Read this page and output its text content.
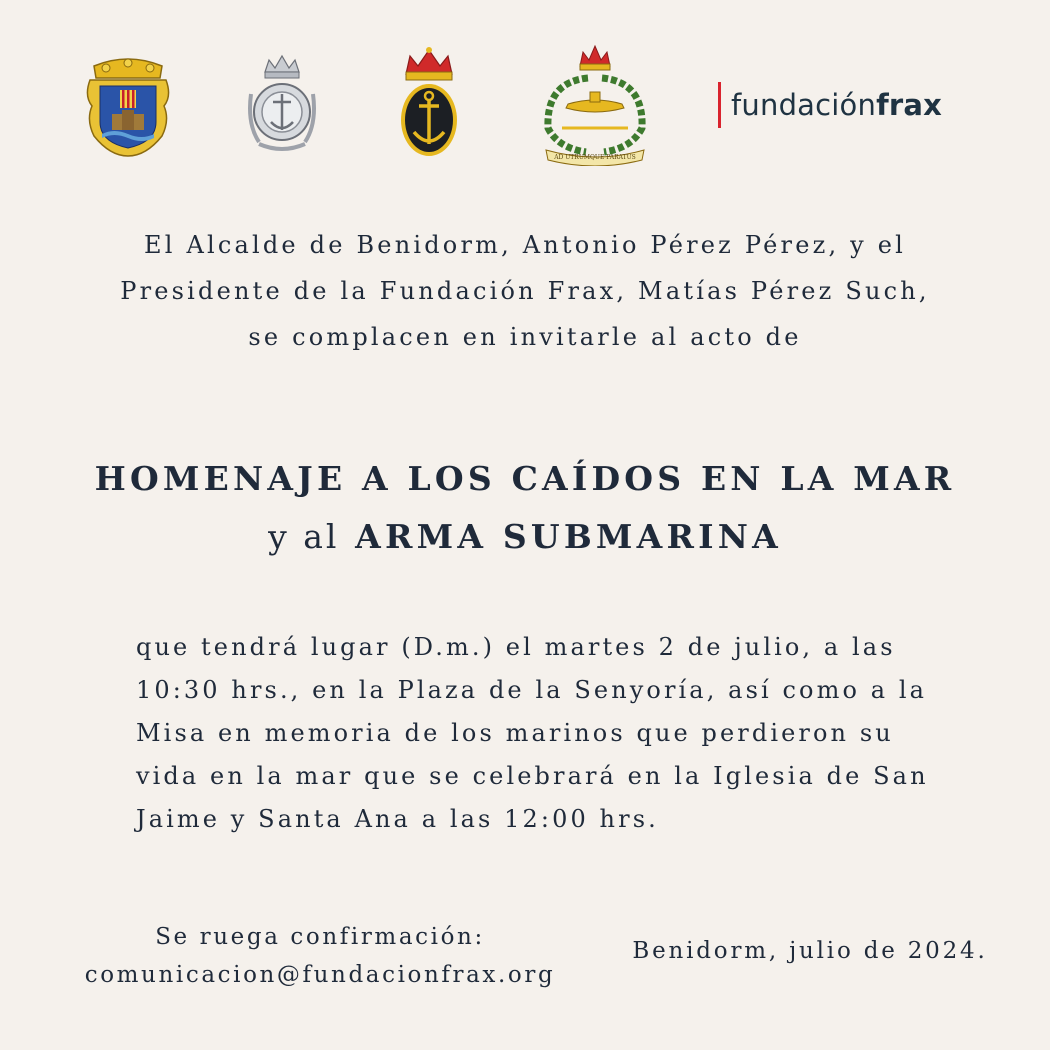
AD UTRUMQUE PARATUS
fundaciónfrax

El Alcalde de Benidorm, Antonio Pérez Pérez, y el
Presidente de la Fundación Frax, Matías Pérez Such,
se complacen en invitarle al acto de

HOMENAJE A LOS CAÍDOS EN LA MAR
y al ARMA SUBMARINA

que tendrá lugar (D.m.) el martes 2 de julio, a las
10:30 hrs., en la Plaza de la Senyoría, así como a la
Misa en memoria de los marinos que perdieron su
vida en la mar que se celebrará en la Iglesia de San
Jaime y Santa Ana a las 12:00 hrs.

Se ruega confirmación:
comunicacion@fundacionfrax.org

Benidorm, julio de 2024.
